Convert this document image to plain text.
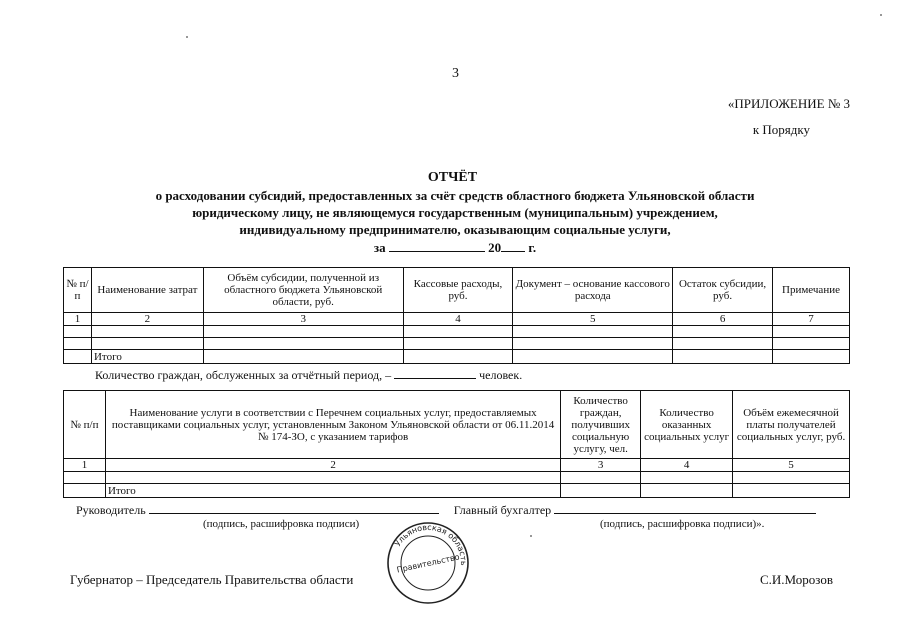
3
«ПРИЛОЖЕНИЕ № 3
к Порядку
ОТЧЁТ
о расходовании субсидий, предоставленных за счёт средств областного бюджета Ульяновской области
юридическому лицу, не являющемуся государственным (муниципальным) учреждением,
индивидуальному предпринимателю, оказывающим социальные услуги,
за	20 г.
№ п/п	Наименование затрат	Объём субсидии, полученной из областного бюджета Ульяновской области, руб.	Кассовые расходы, руб.	Документ – основание кассового расхода	Остаток субсидии, руб.	Примечание
1	2	3	4	5	6	7

	Итого					
Количество граждан, обслуженных за отчётный период, –	человек.
№ п/п	Наименование услуги в соответствии с Перечнем социальных услуг, предоставляемых поставщиками социальных услуг, установленным Законом Ульяновской области от 06.11.2014 № 174-ЗО, с указанием тарифов	Количество граждан, получивших социальную услугу, чел.	Количество оказанных социальных услуг	Объём ежемесячной платы получателей социальных услуг, руб.
1	2	3	4	5

	Итого			
Руководитель	Главный бухгалтер
(подпись, расшифровка подписи)	(подпись, расшифровка подписи)».
Губернатор – Председатель Правительства области	С.И.Морозов
Ульяновская область
Правительство
